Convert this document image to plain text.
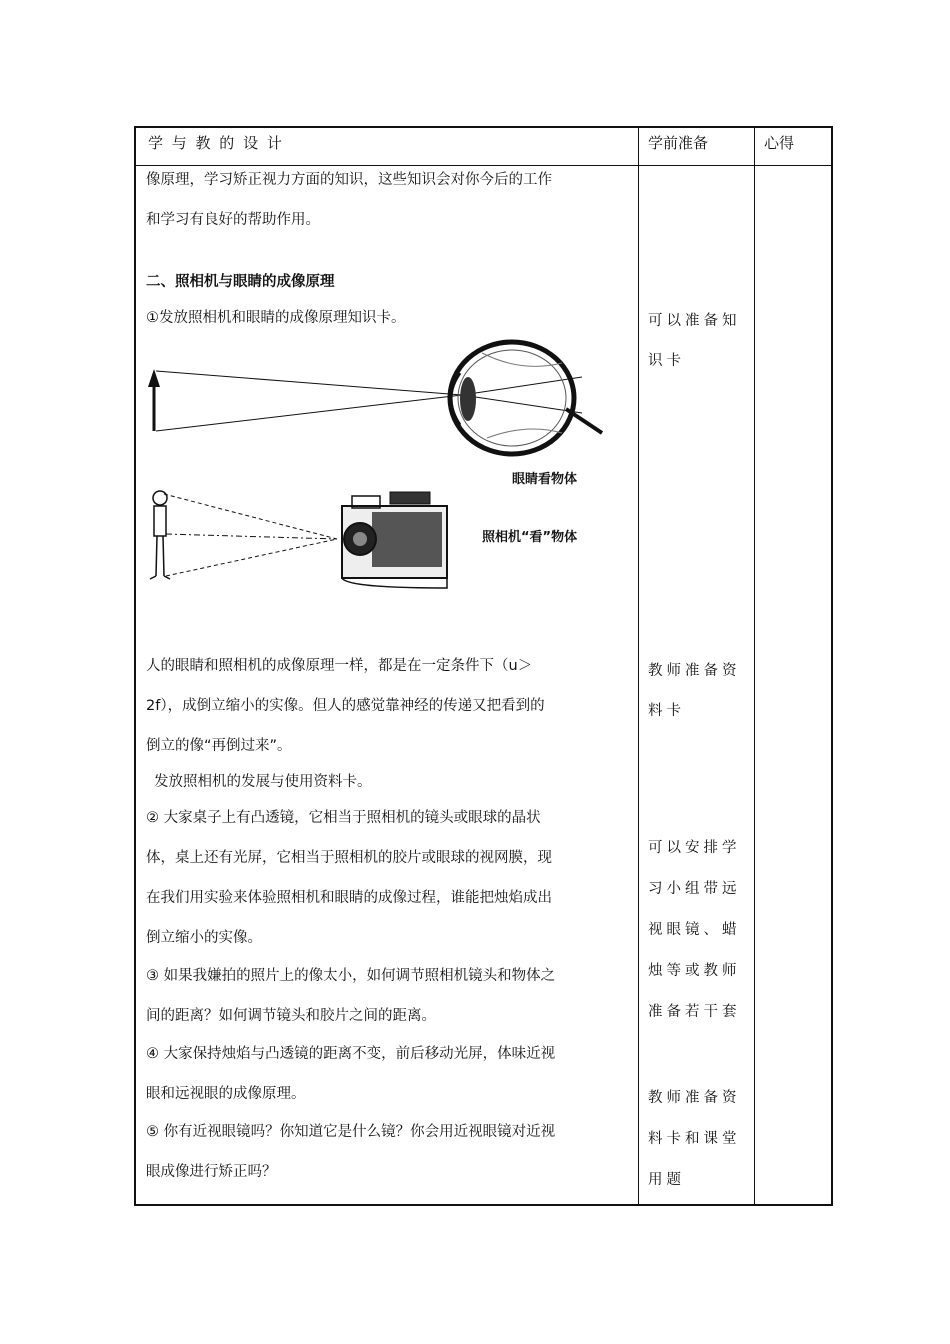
学 与 教 的 设 计	学前准备	心得
像原理，学习矫正视力方面的知识，这些知识会对你今后的工作
和学习有良好的帮助作用。
二、照相机与眼睛的成像原理
①发放照相机和眼睛的成像原理知识卡。
眼睛看物体
照相机“看”物体
人的眼睛和照相机的成像原理一样，都是在一定条件下（u＞
2f），成倒立缩小的实像。但人的感觉靠神经的传递又把看到的
倒立的像“再倒过来”。
发放照相机的发展与使用资料卡。
② 大家桌子上有凸透镜，它相当于照相机的镜头或眼球的晶状
体，桌上还有光屏，它相当于照相机的胶片或眼球的视网膜，现
在我们用实验来体验照相机和眼睛的成像过程，谁能把烛焰成出
倒立缩小的实像。
③ 如果我嫌拍的照片上的像太小，如何调节照相机镜头和物体之
间的距离？如何调节镜头和胶片之间的距离。
④ 大家保持烛焰与凸透镜的距离不变，前后移动光屏，体味近视
眼和远视眼的成像原理。
⑤ 你有近视眼镜吗？你知道它是什么镜？你会用近视眼镜对近视
眼成像进行矫正吗？
可以准备知
识卡
教师准备资
料卡
可以安排学
习小组带远
视眼镜、蜡
烛等或教师
准备若干套
教师准备资
料卡和课堂
用题
